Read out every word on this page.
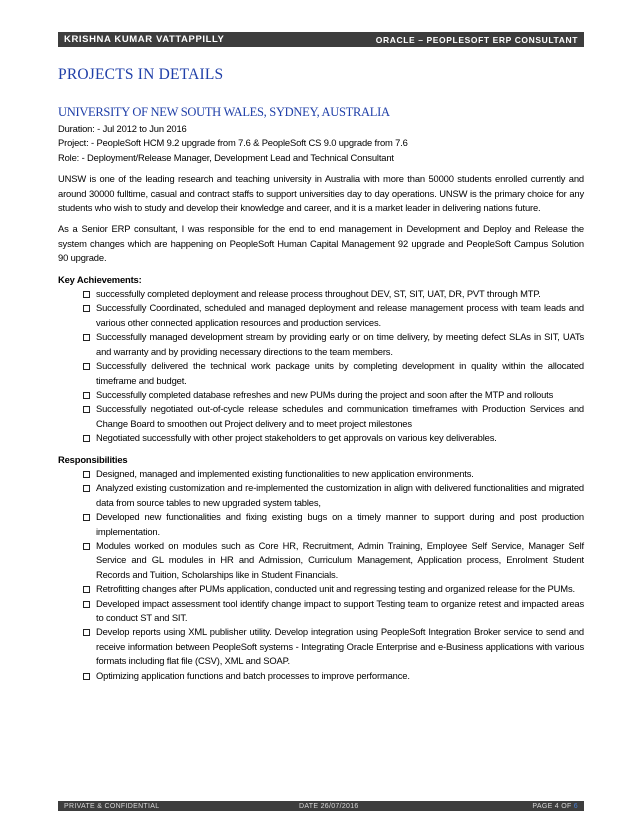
KRISHNA KUMAR VATTAPPILLY	ORACLE – PEOPLESOFT ERP CONSULTANT
PROJECTS IN DETAILS
UNIVERSITY OF NEW SOUTH WALES, SYDNEY, AUSTRALIA

Duration: - Jul 2012 to Jun 2016

Project: - PeopleSoft HCM 9.2 upgrade from 7.6 & PeopleSoft CS 9.0 upgrade from 7.6

Role: - Deployment/Release Manager, Development Lead and Technical Consultant

UNSW is one of the leading research and teaching university in Australia with more than 50000 students enrolled currently and around 30000 fulltime, casual and contract staffs to support universities day to day operations. UNSW is the primary choice for any students who wish to study and develop their knowledge and career, and it is a market leader in delivering nations future.

As a Senior ERP consultant, I was responsible for the end to end management in Development and Deploy and Release the system changes which are happening on PeopleSoft Human Capital Management 92 upgrade and PeopleSoft Campus Solution 90 upgrade.

Key Achievements:

successfully completed deployment and release process throughout DEV, ST, SIT, UAT, DR, PVT through MTP.
Successfully Coordinated, scheduled and managed deployment and release management process with team leads and various other connected application resources and production services.
Successfully managed development stream by providing early or on time delivery, by meeting defect SLAs in SIT, UATs and warranty and by providing necessary directions to the team members.
Successfully delivered the technical work package units by completing development in quality within the allocated timeframe and budget.
Successfully completed database refreshes and new PUMs during the project and soon after the MTP and rollouts
Successfully negotiated out-of-cycle release schedules and communication timeframes with Production Services and Change Board to smoothen out Project delivery and to meet project milestones
Negotiated successfully with other project stakeholders to get approvals on various key deliverables.

Responsibilities

Designed, managed and implemented existing functionalities to new application environments.
Analyzed existing customization and re-implemented the customization in align with delivered functionalities and migrated data from source tables to new upgraded system tables,
Developed new functionalities and fixing existing bugs on a timely manner to support during and post production implementation.
Modules worked on modules such as Core HR, Recruitment, Admin Training, Employee Self Service, Manager Self Service and GL modules in HR and Admission, Curriculum Management, Application process, Enrolment Student Records and Tuition, Scholarships like in Student Financials.
Retrofitting changes after PUMs application, conducted unit and regressing testing and organized release for the PUMs.
Developed impact assessment tool identify change impact to support Testing team to organize retest and impacted areas to conduct ST and SIT.
Develop reports using XML publisher utility. Develop integration using PeopleSoft Integration Broker service to send and receive information between PeopleSoft systems - Integrating Oracle Enterprise and e-Business applications with various formats including flat file (CSV), XML and SOAP.
Optimizing application functions and batch processes to improve performance.
PRIVATE & CONFIDENTIAL	DATE 26/07/2016	PAGE 4 OF 6
